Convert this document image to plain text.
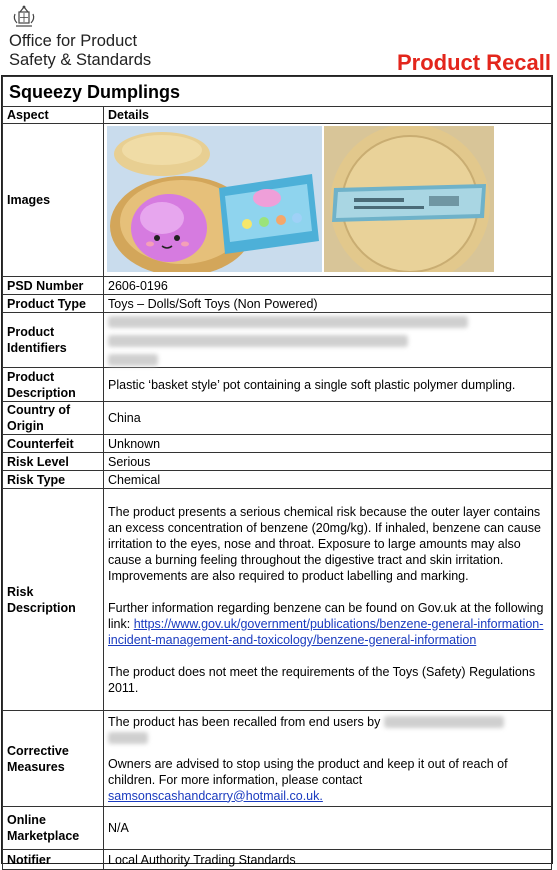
Office for Product
Safety & Standards	Product Recall
Squeezy Dumplings	
Aspect	Details
Images	

PSD Number	2606-0196
Product Type	Toys – Dolls/Soft Toys (Non Powered)
Product Identifiers	

Product Description	Plastic ‘basket style’ pot containing a single soft plastic polymer dumpling.
Country of Origin	China
Counterfeit	Unknown
Risk Level	Serious
Risk Type	Chemical
Risk Description	The product presents a serious chemical risk because the outer layer contains an excess concentration of benzene (20mg/kg). If inhaled, benzene can cause irritation to the eyes, nose and throat. Exposure to large amounts may also cause a burning feeling throughout the digestive tract and skin irritation. Improvements are also required to product labelling and marking.

Further information regarding benzene can be found on Gov.uk at the following link: https://www.gov.uk/government/publications/benzene-general-information-incident-management-and-toxicology/benzene-general-information

The product does not meet the requirements of the Toys (Safety) Regulations 2011.

Corrective Measures	The product has been recalled from end users by

Owners are advised to stop using the product and keep it out of reach of children. For more information, please contact
samsonscashandcarry@hotmail.co.uk.

Online Marketplace	N/A
Notifier	Local Authority Trading Standards
